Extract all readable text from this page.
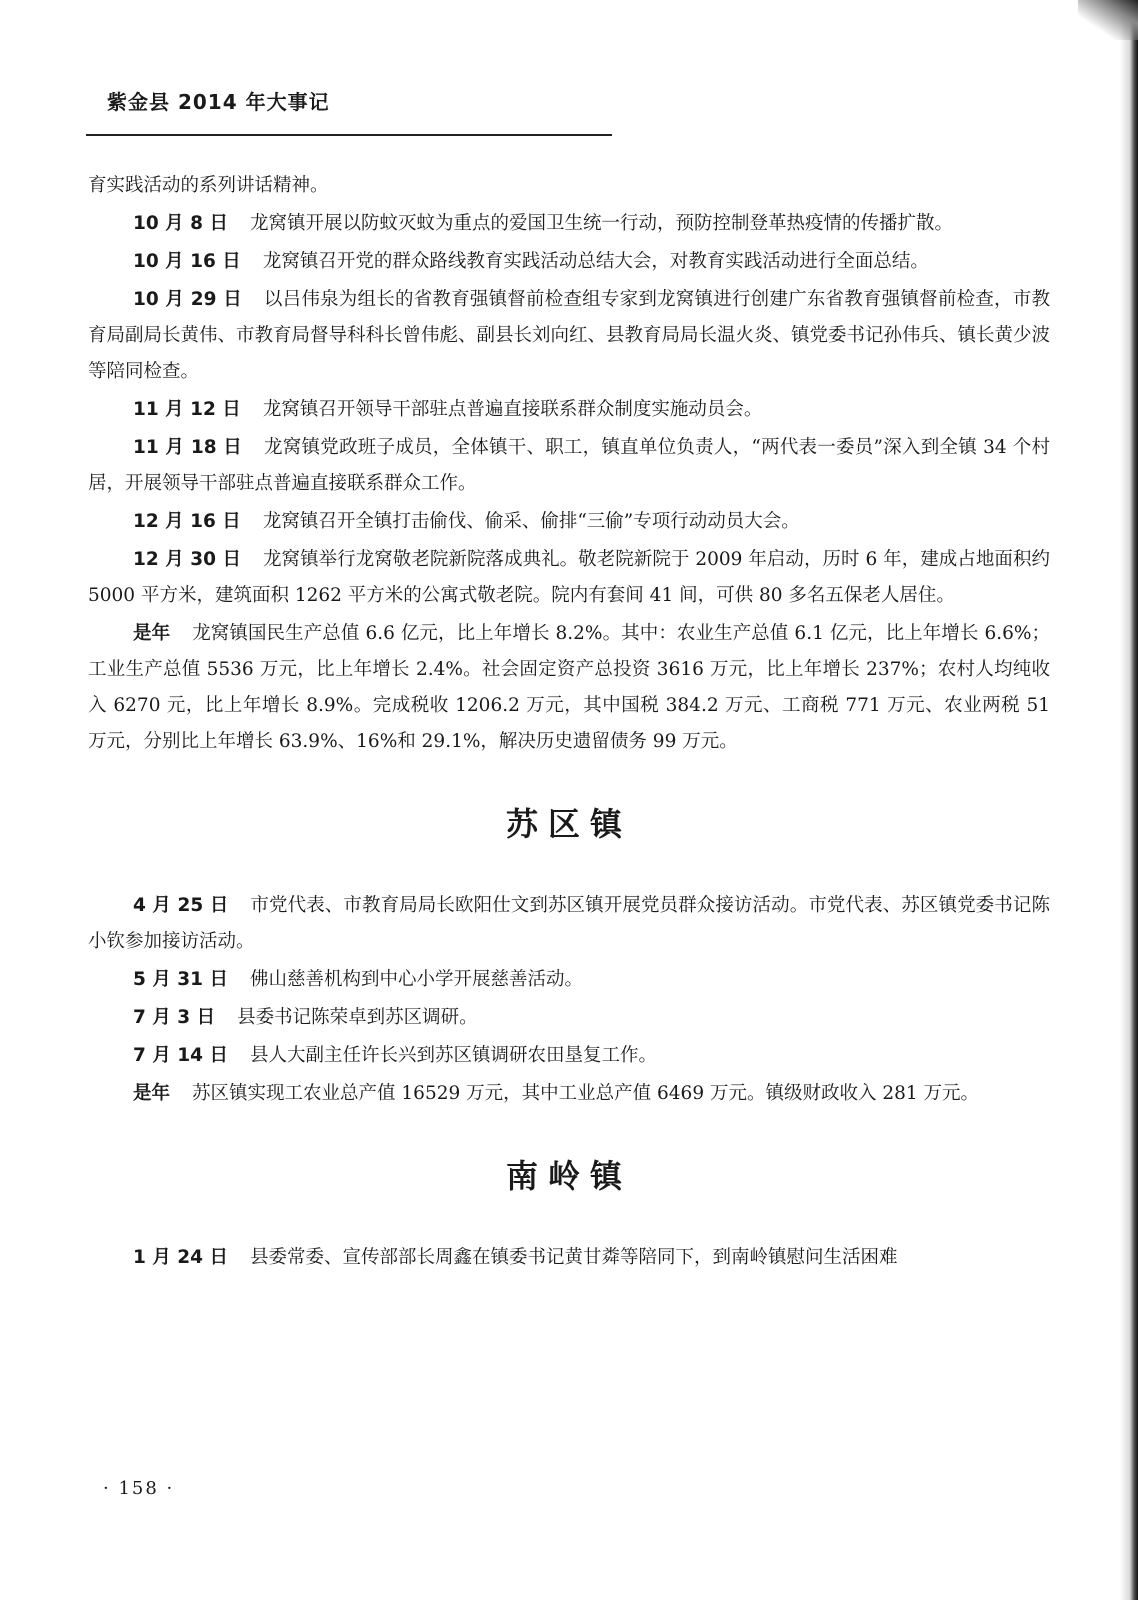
紫金县 2014 年大事记

育实践活动的系列讲话精神。

10 月 8 日 龙窝镇开展以防蚊灭蚊为重点的爱国卫生统一行动，预防控制登革热疫情的传播扩散。

10 月 16 日 龙窝镇召开党的群众路线教育实践活动总结大会，对教育实践活动进行全面总结。

10 月 29 日 以吕伟泉为组长的省教育强镇督前检查组专家到龙窝镇进行创建广东省教育强镇督前检查，市教育局副局长黄伟、市教育局督导科科长曾伟彪、副县长刘向红、县教育局局长温火炎、镇党委书记孙伟兵、镇长黄少波等陪同检查。

11 月 12 日 龙窝镇召开领导干部驻点普遍直接联系群众制度实施动员会。

11 月 18 日 龙窝镇党政班子成员，全体镇干、职工，镇直单位负责人，“两代表一委员”深入到全镇 34 个村居，开展领导干部驻点普遍直接联系群众工作。

12 月 16 日 龙窝镇召开全镇打击偷伐、偷采、偷排“三偷”专项行动动员大会。

12 月 30 日 龙窝镇举行龙窝敬老院新院落成典礼。敬老院新院于 2009 年启动，历时 6 年，建成占地面积约 5000 平方米，建筑面积 1262 平方米的公寓式敬老院。院内有套间 41 间，可供 80 多名五保老人居住。

是年 龙窝镇国民生产总值 6.6 亿元，比上年增长 8.2%。其中：农业生产总值 6.1 亿元，比上年增长 6.6%；工业生产总值 5536 万元，比上年增长 2.4%。社会固定资产总投资 3616 万元，比上年增长 237%；农村人均纯收入 6270 元，比上年增长 8.9%。完成税收 1206.2 万元，其中国税 384.2 万元、工商税 771 万元、农业两税 51 万元，分别比上年增长 63.9%、16%和 29.1%，解决历史遗留债务 99 万元。

苏区镇

4 月 25 日 市党代表、市教育局局长欧阳仕文到苏区镇开展党员群众接访活动。市党代表、苏区镇党委书记陈小钦参加接访活动。

5 月 31 日 佛山慈善机构到中心小学开展慈善活动。

7 月 3 日 县委书记陈荣卓到苏区调研。

7 月 14 日 县人大副主任许长兴到苏区镇调研农田垦复工作。

是年 苏区镇实现工农业总产值 16529 万元，其中工业总产值 6469 万元。镇级财政收入 281 万元。

南岭镇

1 月 24 日 县委常委、宣传部部长周鑫在镇委书记黄甘粦等陪同下，到南岭镇慰问生活困难

· 158 ·
